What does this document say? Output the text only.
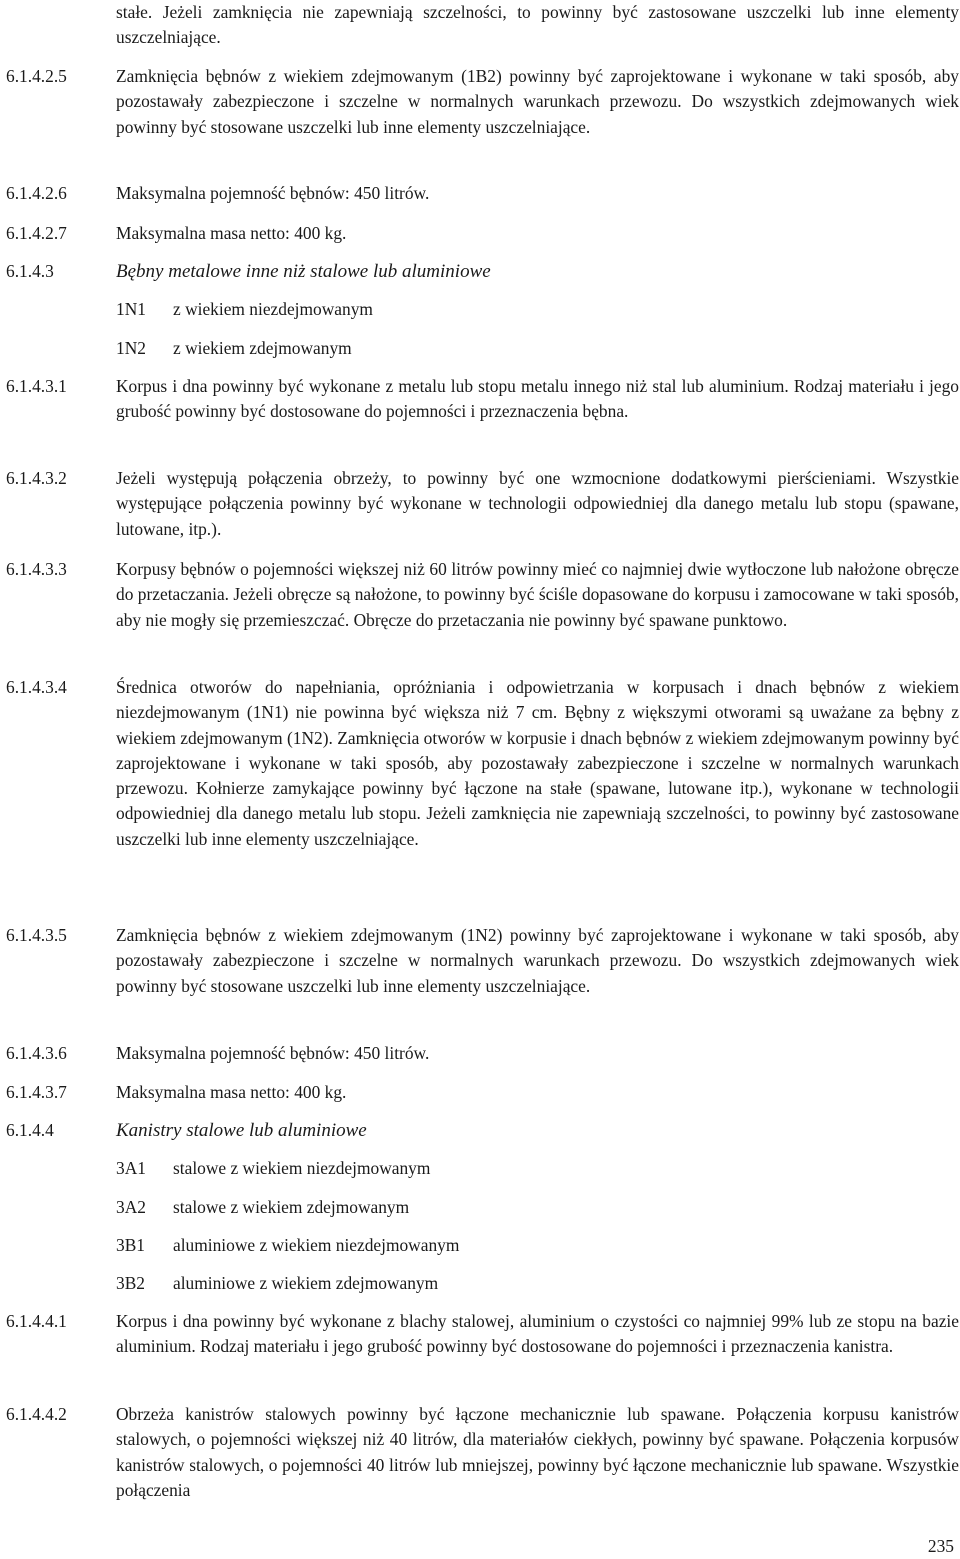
stałe. Jeżeli zamknięcia nie zapewniają szczelności, to powinny być zastosowane uszczelki lub inne elementy uszczelniające.
6.1.4.2.5	Zamknięcia bębnów z wiekiem zdejmowanym (1B2) powinny być zaprojektowane i wykonane w taki sposób, aby pozostawały zabezpieczone i szczelne w normalnych warunkach przewozu. Do wszystkich zdejmowanych wiek powinny być stosowane uszczelki lub inne elementy uszczelniające.
6.1.4.2.6	Maksymalna pojemność bębnów: 450 litrów.
6.1.4.2.7	Maksymalna masa netto: 400 kg.
6.1.4.3	Bębny metalowe inne niż stalowe lub aluminiowe
1N1	z wiekiem niezdejmowanym
1N2	z wiekiem zdejmowanym
6.1.4.3.1	Korpus i dna powinny być wykonane z metalu lub stopu metalu innego niż stal lub aluminium. Rodzaj materiału i jego grubość powinny być dostosowane do pojemności i przeznaczenia bębna.
6.1.4.3.2	Jeżeli występują połączenia obrzeży, to powinny być one wzmocnione dodatkowymi pierścieniami. Wszystkie występujące połączenia powinny być wykonane w technologii odpowiedniej dla danego metalu lub stopu (spawane, lutowane, itp.).
6.1.4.3.3	Korpusy bębnów o pojemności większej niż 60 litrów powinny mieć co najmniej dwie wytłoczone lub nałożone obręcze do przetaczania. Jeżeli obręcze są nałożone, to powinny być ściśle dopasowane do korpusu i zamocowane w taki sposób, aby nie mogły się przemieszczać. Obręcze do przetaczania nie powinny być spawane punktowo.
6.1.4.3.4	Średnica otworów do napełniania, opróżniania i odpowietrzania w korpusach i dnach bębnów z wiekiem niezdejmowanym (1N1) nie powinna być większa niż 7 cm. Bębny z większymi otworami są uważane za bębny z wiekiem zdejmowanym (1N2). Zamknięcia otworów w korpusie i dnach bębnów z wiekiem zdejmowanym powinny być zaprojektowane i wykonane w taki sposób, aby pozostawały zabezpieczone i szczelne w normalnych warunkach przewozu. Kołnierze zamykające powinny być łączone na stałe (spawane, lutowane itp.), wykonane w technologii odpowiedniej dla danego metalu lub stopu. Jeżeli zamknięcia nie zapewniają szczelności, to powinny być zastosowane uszczelki lub inne elementy uszczelniające.
6.1.4.3.5	Zamknięcia bębnów z wiekiem zdejmowanym (1N2) powinny być zaprojektowane i wykonane w taki sposób, aby pozostawały zabezpieczone i szczelne w normalnych warunkach przewozu. Do wszystkich zdejmowanych wiek powinny być stosowane uszczelki lub inne elementy uszczelniające.
6.1.4.3.6	Maksymalna pojemność bębnów: 450 litrów.
6.1.4.3.7	Maksymalna masa netto: 400 kg.
6.1.4.4	Kanistry stalowe lub aluminiowe
3A1	stalowe z wiekiem niezdejmowanym
3A2	stalowe z wiekiem zdejmowanym
3B1	aluminiowe z wiekiem niezdejmowanym
3B2	aluminiowe z wiekiem zdejmowanym
6.1.4.4.1	Korpus i dna powinny być wykonane z blachy stalowej, aluminium o czystości co najmniej 99% lub ze stopu na bazie aluminium. Rodzaj materiału i jego grubość powinny być dostosowane do pojemności i przeznaczenia kanistra.
6.1.4.4.2	Obrzeża kanistrów stalowych powinny być łączone mechanicznie lub spawane. Połączenia korpusu kanistrów stalowych, o pojemności większej niż 40 litrów, dla materiałów ciekłych, powinny być spawane. Połączenia korpusów kanistrów stalowych, o pojemności 40 litrów lub mniejszej, powinny być łączone mechanicznie lub spawane. Wszystkie połączenia
235
